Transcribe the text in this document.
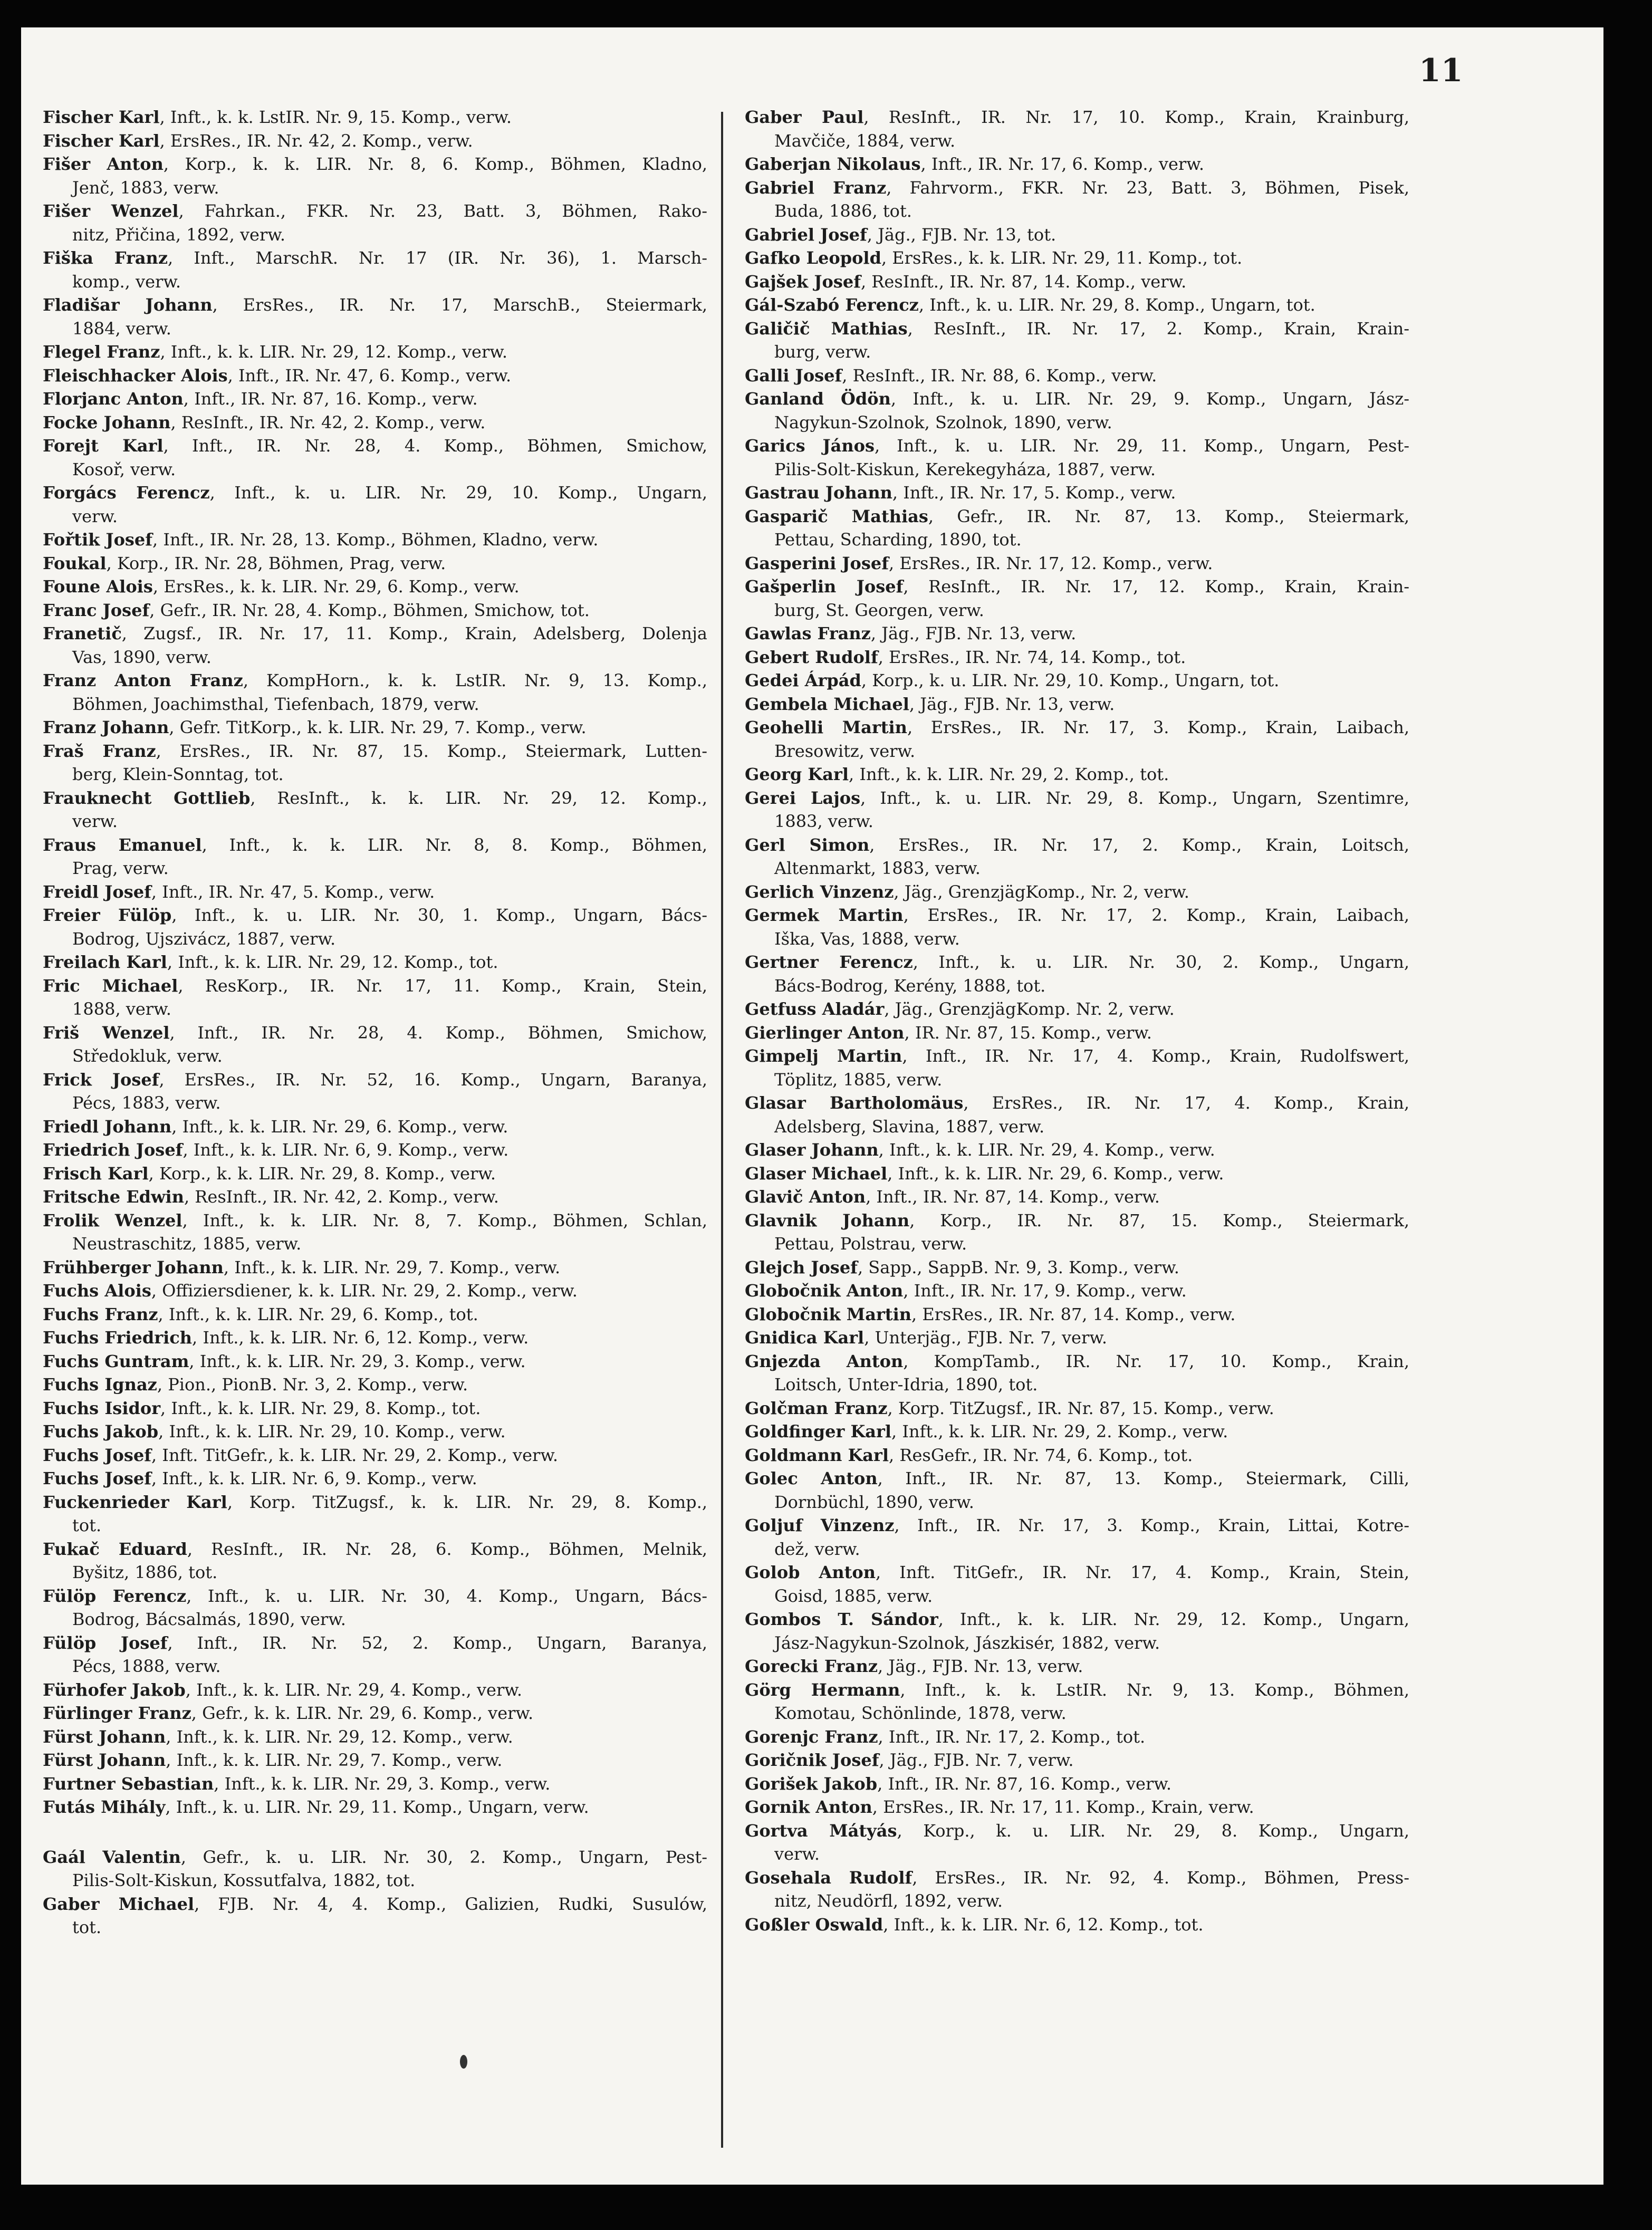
11
Fischer Karl, Inft., k. k. LstIR. Nr. 9, 15. Komp., verw.
Fischer Karl, ErsRes., IR. Nr. 42, 2. Komp., verw.
Fišer Anton, Korp., k. k. LIR. Nr. 8, 6. Komp., Böhmen, Kladno,
Jenč, 1883, verw.
Fišer Wenzel, Fahrkan., FKR. Nr. 23, Batt. 3, Böhmen, Rako-
nitz, Přičina, 1892, verw.
Fiška Franz, Inft., MarschR. Nr. 17 (IR. Nr. 36), 1. Marsch-
komp., verw.
Fladišar Johann, ErsRes., IR. Nr. 17, MarschB., Steiermark,
1884, verw.
Flegel Franz, Inft., k. k. LIR. Nr. 29, 12. Komp., verw.
Fleischhacker Alois, Inft., IR. Nr. 47, 6. Komp., verw.
Florjanc Anton, Inft., IR. Nr. 87, 16. Komp., verw.
Focke Johann, ResInft., IR. Nr. 42, 2. Komp., verw.
Forejt Karl, Inft., IR. Nr. 28, 4. Komp., Böhmen, Smichow,
Kosoř, verw.
Forgács Ferencz, Inft., k. u. LIR. Nr. 29, 10. Komp., Ungarn,
verw.
Fořtik Josef, Inft., IR. Nr. 28, 13. Komp., Böhmen, Kladno, verw.
Foukal, Korp., IR. Nr. 28, Böhmen, Prag, verw.
Foune Alois, ErsRes., k. k. LIR. Nr. 29, 6. Komp., verw.
Franc Josef, Gefr., IR. Nr. 28, 4. Komp., Böhmen, Smichow, tot.
Franetič, Zugsf., IR. Nr. 17, 11. Komp., Krain, Adelsberg, Dolenja
Vas, 1890, verw.
Franz Anton Franz, KompHorn., k. k. LstIR. Nr. 9, 13. Komp.,
Böhmen, Joachimsthal, Tiefenbach, 1879, verw.
Franz Johann, Gefr. TitKorp., k. k. LIR. Nr. 29, 7. Komp., verw.
Fraš Franz, ErsRes., IR. Nr. 87, 15. Komp., Steiermark, Lutten-
berg, Klein-Sonntag, tot.
Frauknecht Gottlieb, ResInft., k. k. LIR. Nr. 29, 12. Komp.,
verw.
Fraus Emanuel, Inft., k. k. LIR. Nr. 8, 8. Komp., Böhmen,
Prag, verw.
Freidl Josef, Inft., IR. Nr. 47, 5. Komp., verw.
Freier Fülöp, Inft., k. u. LIR. Nr. 30, 1. Komp., Ungarn, Bács-
Bodrog, Ujszivácz, 1887, verw.
Freilach Karl, Inft., k. k. LIR. Nr. 29, 12. Komp., tot.
Fric Michael, ResKorp., IR. Nr. 17, 11. Komp., Krain, Stein,
1888, verw.
Friš Wenzel, Inft., IR. Nr. 28, 4. Komp., Böhmen, Smichow,
Středokluk, verw.
Frick Josef, ErsRes., IR. Nr. 52, 16. Komp., Ungarn, Baranya,
Pécs, 1883, verw.
Friedl Johann, Inft., k. k. LIR. Nr. 29, 6. Komp., verw.
Friedrich Josef, Inft., k. k. LIR. Nr. 6, 9. Komp., verw.
Frisch Karl, Korp., k. k. LIR. Nr. 29, 8. Komp., verw.
Fritsche Edwin, ResInft., IR. Nr. 42, 2. Komp., verw.
Frolik Wenzel, Inft., k. k. LIR. Nr. 8, 7. Komp., Böhmen, Schlan,
Neustraschitz, 1885, verw.
Frühberger Johann, Inft., k. k. LIR. Nr. 29, 7. Komp., verw.
Fuchs Alois, Offiziersdiener, k. k. LIR. Nr. 29, 2. Komp., verw.
Fuchs Franz, Inft., k. k. LIR. Nr. 29, 6. Komp., tot.
Fuchs Friedrich, Inft., k. k. LIR. Nr. 6, 12. Komp., verw.
Fuchs Guntram, Inft., k. k. LIR. Nr. 29, 3. Komp., verw.
Fuchs Ignaz, Pion., PionB. Nr. 3, 2. Komp., verw.
Fuchs Isidor, Inft., k. k. LIR. Nr. 29, 8. Komp., tot.
Fuchs Jakob, Inft., k. k. LIR. Nr. 29, 10. Komp., verw.
Fuchs Josef, Inft. TitGefr., k. k. LIR. Nr. 29, 2. Komp., verw.
Fuchs Josef, Inft., k. k. LIR. Nr. 6, 9. Komp., verw.
Fuckenrieder Karl, Korp. TitZugsf., k. k. LIR. Nr. 29, 8. Komp.,
tot.
Fukač Eduard, ResInft., IR. Nr. 28, 6. Komp., Böhmen, Melnik,
Byšitz, 1886, tot.
Fülöp Ferencz, Inft., k. u. LIR. Nr. 30, 4. Komp., Ungarn, Bács-
Bodrog, Bácsalmás, 1890, verw.
Fülöp Josef, Inft., IR. Nr. 52, 2. Komp., Ungarn, Baranya,
Pécs, 1888, verw.
Fürhofer Jakob, Inft., k. k. LIR. Nr. 29, 4. Komp., verw.
Fürlinger Franz, Gefr., k. k. LIR. Nr. 29, 6. Komp., verw.
Fürst Johann, Inft., k. k. LIR. Nr. 29, 12. Komp., verw.
Fürst Johann, Inft., k. k. LIR. Nr. 29, 7. Komp., verw.
Furtner Sebastian, Inft., k. k. LIR. Nr. 29, 3. Komp., verw.
Futás Mihály, Inft., k. u. LIR. Nr. 29, 11. Komp., Ungarn, verw.
Gaál Valentin, Gefr., k. u. LIR. Nr. 30, 2. Komp., Ungarn, Pest-
Pilis-Solt-Kiskun, Kossutfalva, 1882, tot.
Gaber Michael, FJB. Nr. 4, 4. Komp., Galizien, Rudki, Susulów,
tot.
Gaber Paul, ResInft., IR. Nr. 17, 10. Komp., Krain, Krainburg,
Mavčiče, 1884, verw.
Gaberjan Nikolaus, Inft., IR. Nr. 17, 6. Komp., verw.
Gabriel Franz, Fahrvorm., FKR. Nr. 23, Batt. 3, Böhmen, Pisek,
Buda, 1886, tot.
Gabriel Josef, Jäg., FJB. Nr. 13, tot.
Gafko Leopold, ErsRes., k. k. LIR. Nr. 29, 11. Komp., tot.
Gajšek Josef, ResInft., IR. Nr. 87, 14. Komp., verw.
Gál-Szabó Ferencz, Inft., k. u. LIR. Nr. 29, 8. Komp., Ungarn, tot.
Galičič Mathias, ResInft., IR. Nr. 17, 2. Komp., Krain, Krain-
burg, verw.
Galli Josef, ResInft., IR. Nr. 88, 6. Komp., verw.
Ganland Ödön, Inft., k. u. LIR. Nr. 29, 9. Komp., Ungarn, Jász-
Nagykun-Szolnok, Szolnok, 1890, verw.
Garics János, Inft., k. u. LIR. Nr. 29, 11. Komp., Ungarn, Pest-
Pilis-Solt-Kiskun, Kerekegyháza, 1887, verw.
Gastrau Johann, Inft., IR. Nr. 17, 5. Komp., verw.
Gasparič Mathias, Gefr., IR. Nr. 87, 13. Komp., Steiermark,
Pettau, Scharding, 1890, tot.
Gasperini Josef, ErsRes., IR. Nr. 17, 12. Komp., verw.
Gašperlin Josef, ResInft., IR. Nr. 17, 12. Komp., Krain, Krain-
burg, St. Georgen, verw.
Gawlas Franz, Jäg., FJB. Nr. 13, verw.
Gebert Rudolf, ErsRes., IR. Nr. 74, 14. Komp., tot.
Gedei Árpád, Korp., k. u. LIR. Nr. 29, 10. Komp., Ungarn, tot.
Gembela Michael, Jäg., FJB. Nr. 13, verw.
Geohelli Martin, ErsRes., IR. Nr. 17, 3. Komp., Krain, Laibach,
Bresowitz, verw.
Georg Karl, Inft., k. k. LIR. Nr. 29, 2. Komp., tot.
Gerei Lajos, Inft., k. u. LIR. Nr. 29, 8. Komp., Ungarn, Szentimre,
1883, verw.
Gerl Simon, ErsRes., IR. Nr. 17, 2. Komp., Krain, Loitsch,
Altenmarkt, 1883, verw.
Gerlich Vinzenz, Jäg., GrenzjägKomp., Nr. 2, verw.
Germek Martin, ErsRes., IR. Nr. 17, 2. Komp., Krain, Laibach,
Iška, Vas, 1888, verw.
Gertner Ferencz, Inft., k. u. LIR. Nr. 30, 2. Komp., Ungarn,
Bács-Bodrog, Kerény, 1888, tot.
Getfuss Aladár, Jäg., GrenzjägKomp. Nr. 2, verw.
Gierlinger Anton, IR. Nr. 87, 15. Komp., verw.
Gimpelj Martin, Inft., IR. Nr. 17, 4. Komp., Krain, Rudolfswert,
Töplitz, 1885, verw.
Glasar Bartholomäus, ErsRes., IR. Nr. 17, 4. Komp., Krain,
Adelsberg, Slavina, 1887, verw.
Glaser Johann, Inft., k. k. LIR. Nr. 29, 4. Komp., verw.
Glaser Michael, Inft., k. k. LIR. Nr. 29, 6. Komp., verw.
Glavič Anton, Inft., IR. Nr. 87, 14. Komp., verw.
Glavnik Johann, Korp., IR. Nr. 87, 15. Komp., Steiermark,
Pettau, Polstrau, verw.
Glejch Josef, Sapp., SappB. Nr. 9, 3. Komp., verw.
Globočnik Anton, Inft., IR. Nr. 17, 9. Komp., verw.
Globočnik Martin, ErsRes., IR. Nr. 87, 14. Komp., verw.
Gnidica Karl, Unterjäg., FJB. Nr. 7, verw.
Gnjezda Anton, KompTamb., IR. Nr. 17, 10. Komp., Krain,
Loitsch, Unter-Idria, 1890, tot.
Golčman Franz, Korp. TitZugsf., IR. Nr. 87, 15. Komp., verw.
Goldfinger Karl, Inft., k. k. LIR. Nr. 29, 2. Komp., verw.
Goldmann Karl, ResGefr., IR. Nr. 74, 6. Komp., tot.
Golec Anton, Inft., IR. Nr. 87, 13. Komp., Steiermark, Cilli,
Dornbüchl, 1890, verw.
Goljuf Vinzenz, Inft., IR. Nr. 17, 3. Komp., Krain, Littai, Kotre-
dež, verw.
Golob Anton, Inft. TitGefr., IR. Nr. 17, 4. Komp., Krain, Stein,
Goisd, 1885, verw.
Gombos T. Sándor, Inft., k. k. LIR. Nr. 29, 12. Komp., Ungarn,
Jász-Nagykun-Szolnok, Jászkisér, 1882, verw.
Gorecki Franz, Jäg., FJB. Nr. 13, verw.
Görg Hermann, Inft., k. k. LstIR. Nr. 9, 13. Komp., Böhmen,
Komotau, Schönlinde, 1878, verw.
Gorenjc Franz, Inft., IR. Nr. 17, 2. Komp., tot.
Goričnik Josef, Jäg., FJB. Nr. 7, verw.
Gorišek Jakob, Inft., IR. Nr. 87, 16. Komp., verw.
Gornik Anton, ErsRes., IR. Nr. 17, 11. Komp., Krain, verw.
Gortva Mátyás, Korp., k. u. LIR. Nr. 29, 8. Komp., Ungarn,
verw.
Gosehala Rudolf, ErsRes., IR. Nr. 92, 4. Komp., Böhmen, Press-
nitz, Neudörfl, 1892, verw.
Goßler Oswald, Inft., k. k. LIR. Nr. 6, 12. Komp., tot.
